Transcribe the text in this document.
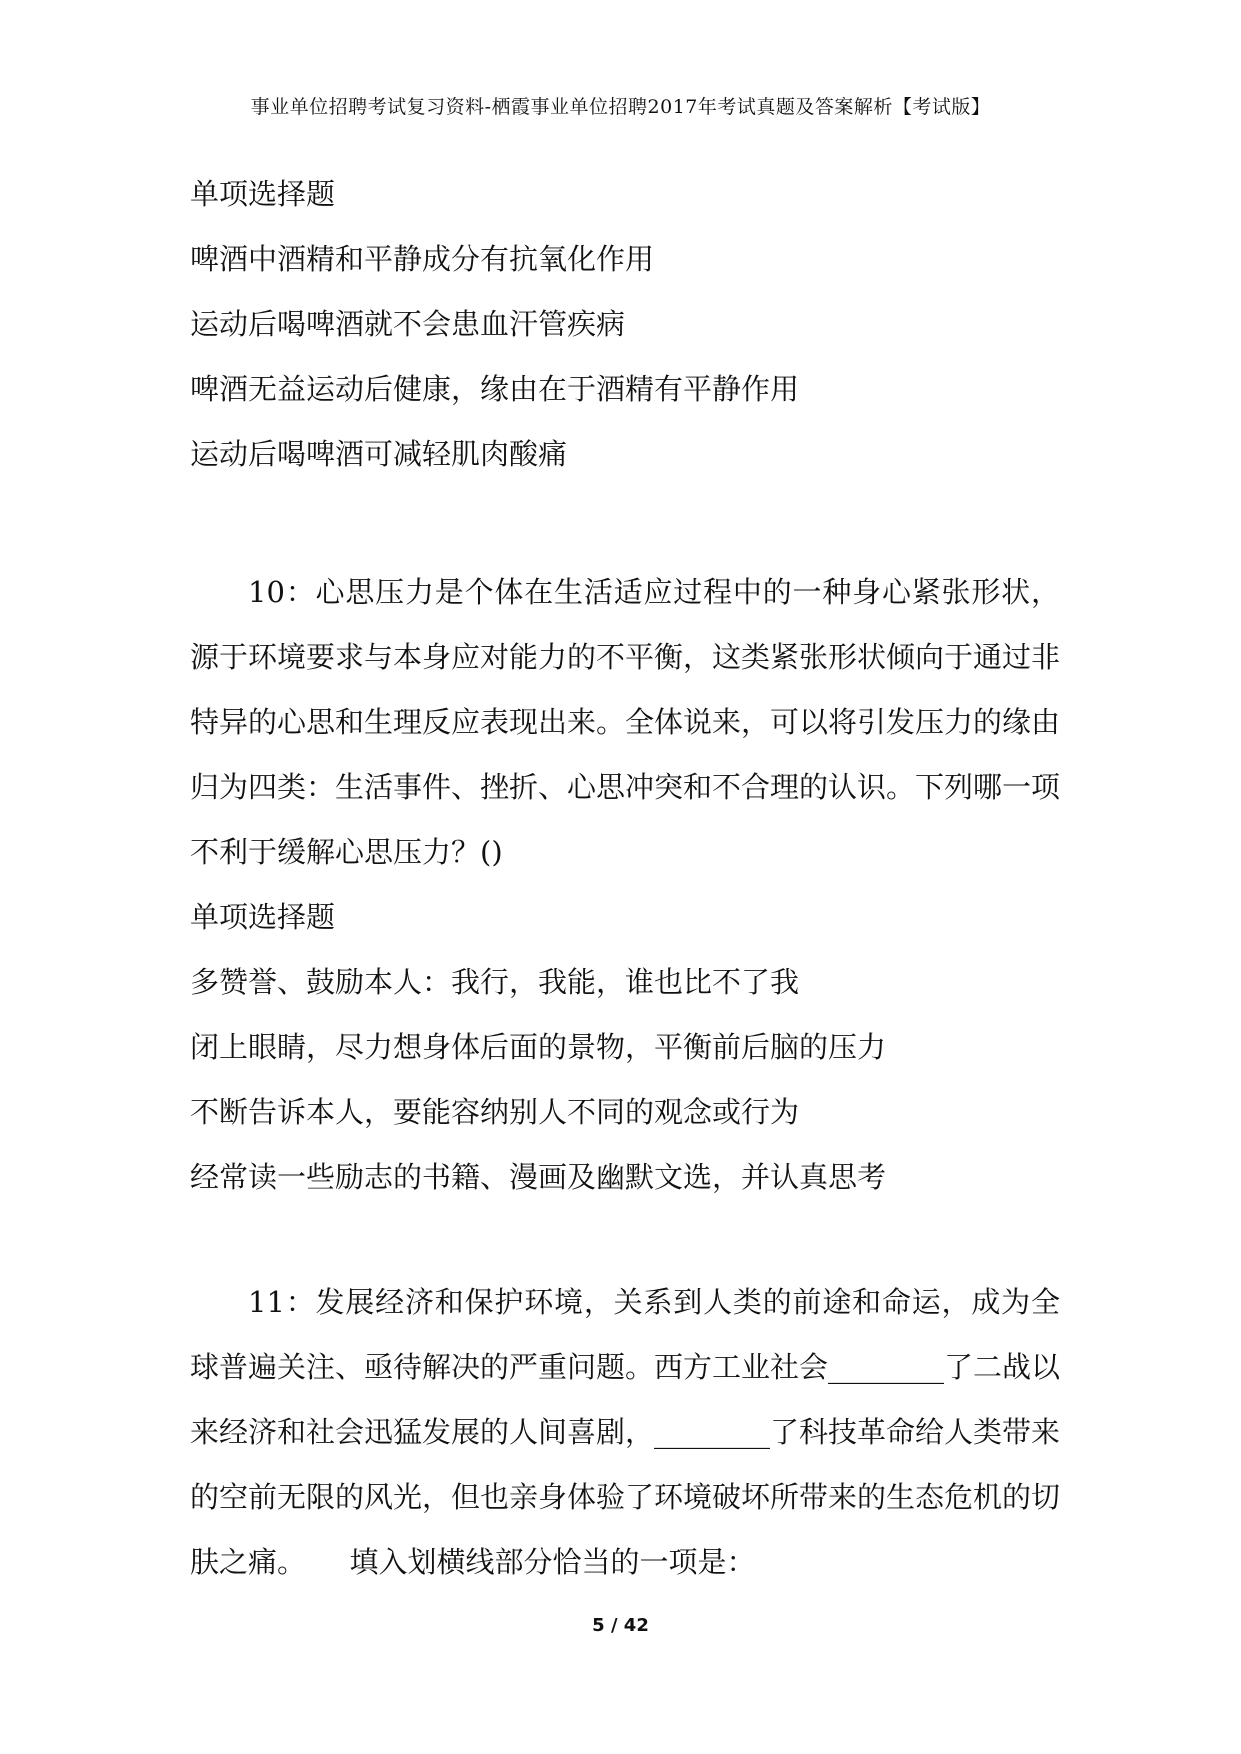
事业单位招聘考试复习资料-栖霞事业单位招聘2017年考试真题及答案解析【考试版】
单项选择题
啤酒中酒精和平静成分有抗氧化作用
运动后喝啤酒就不会患血汗管疾病
啤酒无益运动后健康，缘由在于酒精有平静作用
运动后喝啤酒可减轻肌肉酸痛

10：心思压力是个体在生活适应过程中的一种身心紧张形状，源于环境要求与本身应对能力的不平衡，这类紧张形状倾向于通过非特异的心思和生理反应表现出来。全体说来，可以将引发压力的缘由归为四类：生活事件、挫折、心思冲突和不合理的认识。下列哪一项不利于缓解心思压力？()

单项选择题
多赞誉、鼓励本人：我行，我能，谁也比不了我
闭上眼睛，尽力想身体后面的景物，平衡前后脑的压力
不断告诉本人，要能容纳别人不同的观念或行为
经常读一些励志的书籍、漫画及幽默文选，并认真思考

11：发展经济和保护环境，关系到人类的前途和命运，成为全球普遍关注、亟待解决的严重问题。西方工业社会________了二战以来经济和社会迅猛发展的人间喜剧，________了科技革命给人类带来的空前无限的风光，但也亲身体验了环境破坏所带来的生态危机的切肤之痛。　　填入划横线部分恰当的一项是：

5 / 42
